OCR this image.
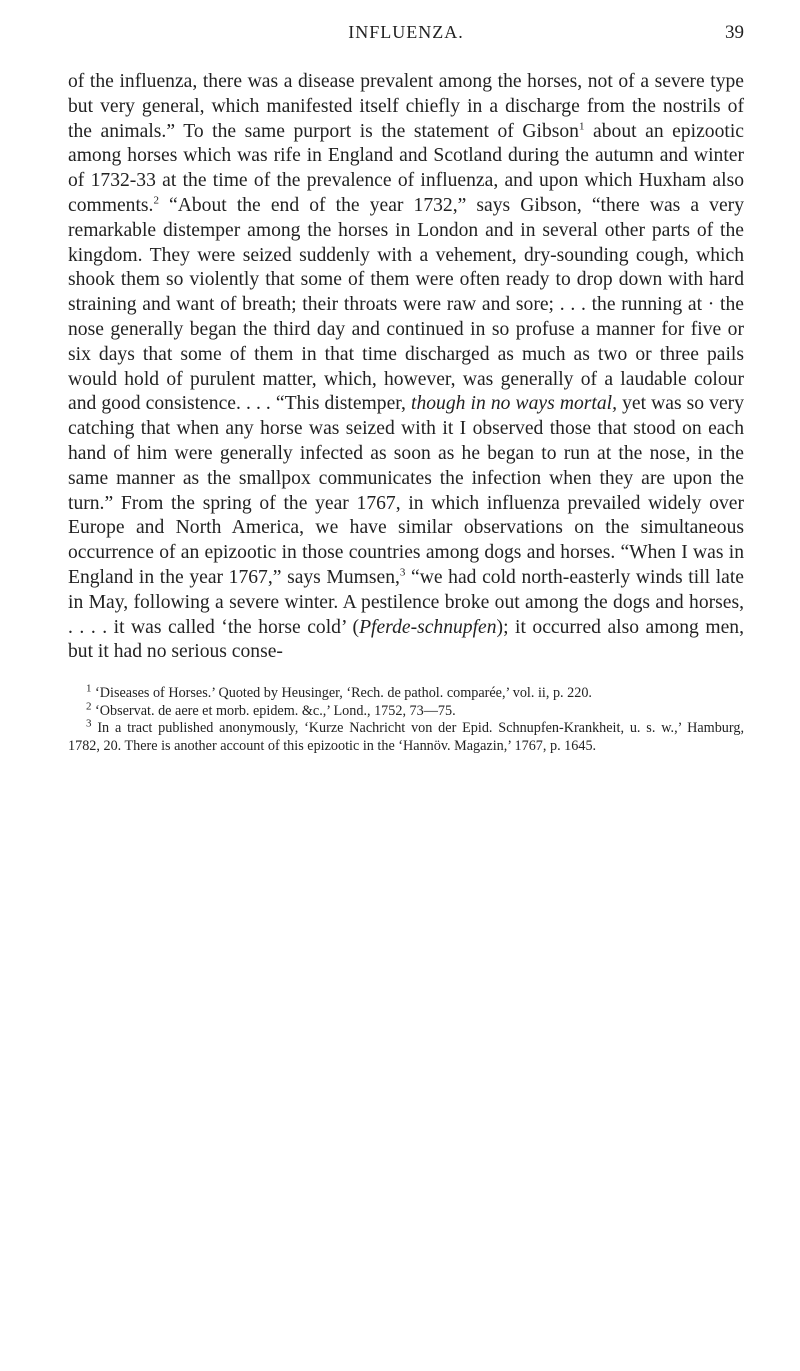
INFLUENZA.	39

of the influenza, there was a disease prevalent among the horses, not of a severe type but very general, which manifested itself chiefly in a discharge from the nostrils of the animals.” To the same purport is the statement of Gibson$^1$ about an epizootic among horses which was rife in England and Scotland during the autumn and winter of 1732-33 at the time of the prevalence of influenza, and upon which Huxham also comments.$^2$ “About the end of the year 1732,” says Gibson, “there was a very remarkable distemper among the horses in London and in several other parts of the kingdom. They were seized suddenly with a vehement, dry-sounding cough, which shook them so violently that some of them were often ready to drop down with hard straining and want of breath; their throats were raw and sore; . . . the running at · the nose generally began the third day and continued in so profuse a manner for five or six days that some of them in that time discharged as much as two or three pails would hold of purulent matter, which, however, was generally of a laudable colour and good consistence. . . . “This distemper, though in no ways mortal, yet was so very catching that when any horse was seized with it I observed those that stood on each hand of him were generally infected as soon as he began to run at the nose, in the same manner as the smallpox communicates the infection when they are upon the turn.” From the spring of the year 1767, in which influenza prevailed widely over Europe and North America, we have similar observations on the simultaneous occurrence of an epizootic in those countries among dogs and horses. “When I was in England in the year 1767,” says Mumsen,$^3$ “we had cold north-easterly winds till late in May, following a severe winter. A pestilence broke out among the dogs and horses, . . . . it was called ‘the horse cold’ (Pferde-schnupfen); it occurred also among men, but it had no serious conse-

$^1$ ‘Diseases of Horses.’ Quoted by Heusinger, ‘Rech. de pathol. comparée,’ vol. ii, p. 220.

$^2$ ‘Observat. de aere et morb. epidem. &c.,’ Lond., 1752, 73—75.

$^3$ In a tract published anonymously, ‘Kurze Nachricht von der Epid. Schnupfen-Krankheit, u. s. w.,’ Hamburg, 1782, 20. There is another account of this epizootic in the ‘Hannöv. Magazin,’ 1767, p. 1645.
